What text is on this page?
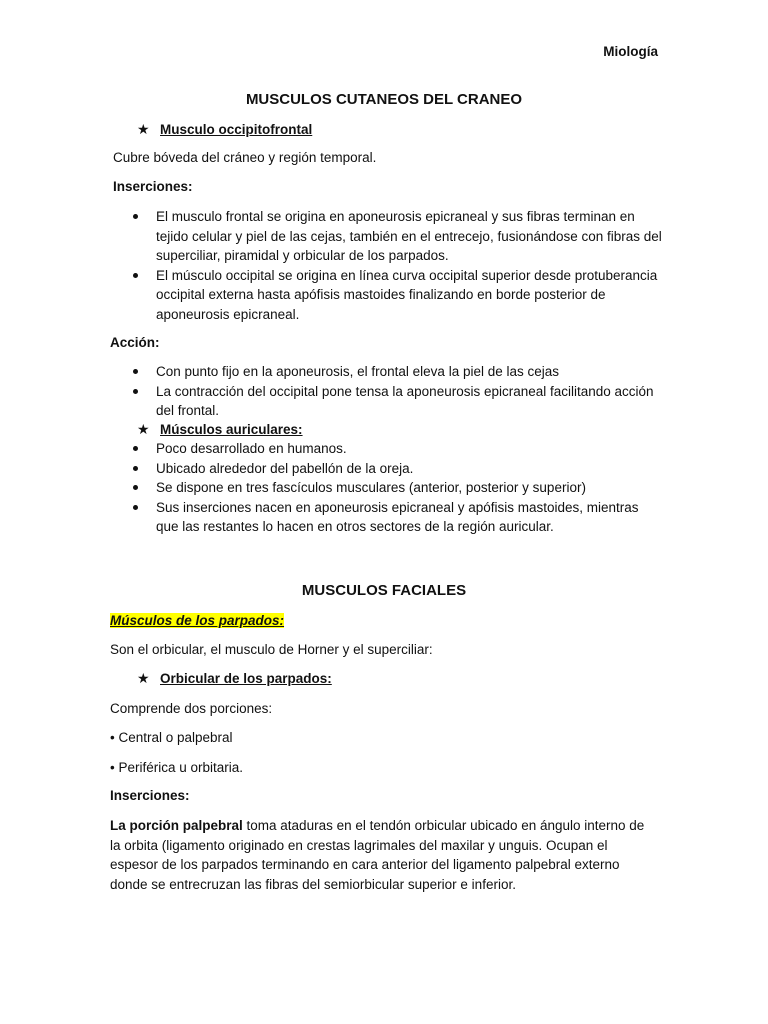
Miología
MUSCULOS CUTANEOS DEL CRANEO
★ Musculo occipitofrontal
Cubre bóveda del cráneo y región temporal.
Inserciones:
El musculo frontal se origina en aponeurosis epicraneal y sus fibras terminan en tejido celular y piel de las cejas, también en el entrecejo, fusionándose con fibras del superciliar, piramidal y orbicular de los parpados.
El músculo occipital se origina en línea curva occipital superior desde protuberancia occipital externa hasta apófisis mastoides finalizando en borde posterior de aponeurosis epicraneal.
Acción:
Con punto fijo en la aponeurosis, el frontal eleva la piel de las cejas
La contracción del occipital pone tensa la aponeurosis epicraneal facilitando acción del frontal.
★ Músculos auriculares:
Poco desarrollado en humanos.
Ubicado alrededor del pabellón de la oreja.
Se dispone en tres fascículos musculares (anterior, posterior y superior)
Sus inserciones nacen en aponeurosis epicraneal y apófisis mastoides, mientras que las restantes lo hacen en otros sectores de la región auricular.
MUSCULOS FACIALES
Músculos de los parpados:
Son el orbicular, el musculo de Horner y el superciliar:
★ Orbicular de los parpados:
Comprende dos porciones:
• Central o palpebral
• Periférica u orbitaria.
Inserciones:
La porción palpebral toma ataduras en el tendón orbicular ubicado en ángulo interno de la orbita (ligamento originado en crestas lagrimales del maxilar y unguis. Ocupan el espesor de los parpados terminando en cara anterior del ligamento palpebral externo donde se entrecruzan las fibras del semiorbicular superior e inferior.
